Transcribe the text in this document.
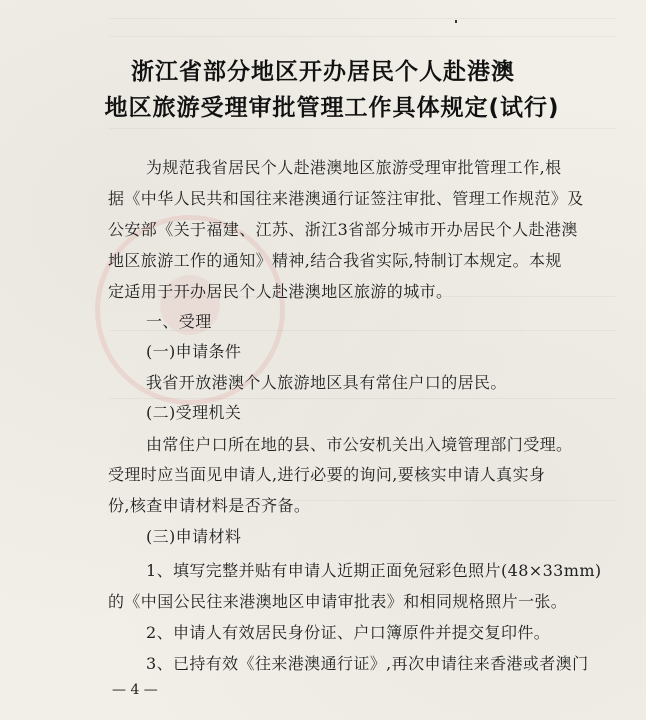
浙江省部分地区开办居民个人赴港澳
地区旅游受理审批管理工作具体规定(试行)
为规范我省居民个人赴港澳地区旅游受理审批管理工作,根
据《中华人民共和国往来港澳通行证签注审批、管理工作规范》及
公安部《关于福建、江苏、浙江3省部分城市开办居民个人赴港澳
地区旅游工作的通知》精神,结合我省实际,特制订本规定。本规
定适用于开办居民个人赴港澳地区旅游的城市。
一、受理
(一)申请条件
我省开放港澳个人旅游地区具有常住户口的居民。
(二)受理机关
由常住户口所在地的县、市公安机关出入境管理部门受理。
受理时应当面见申请人,进行必要的询问,要核实申请人真实身
份,核查申请材料是否齐备。
(三)申请材料
1、填写完整并贴有申请人近期正面免冠彩色照片(48×33mm)
的《中国公民往来港澳地区申请审批表》和相同规格照片一张。
2、申请人有效居民身份证、户口簿原件并提交复印件。
3、已持有效《往来港澳通行证》,再次申请往来香港或者澳门
— 4 —
